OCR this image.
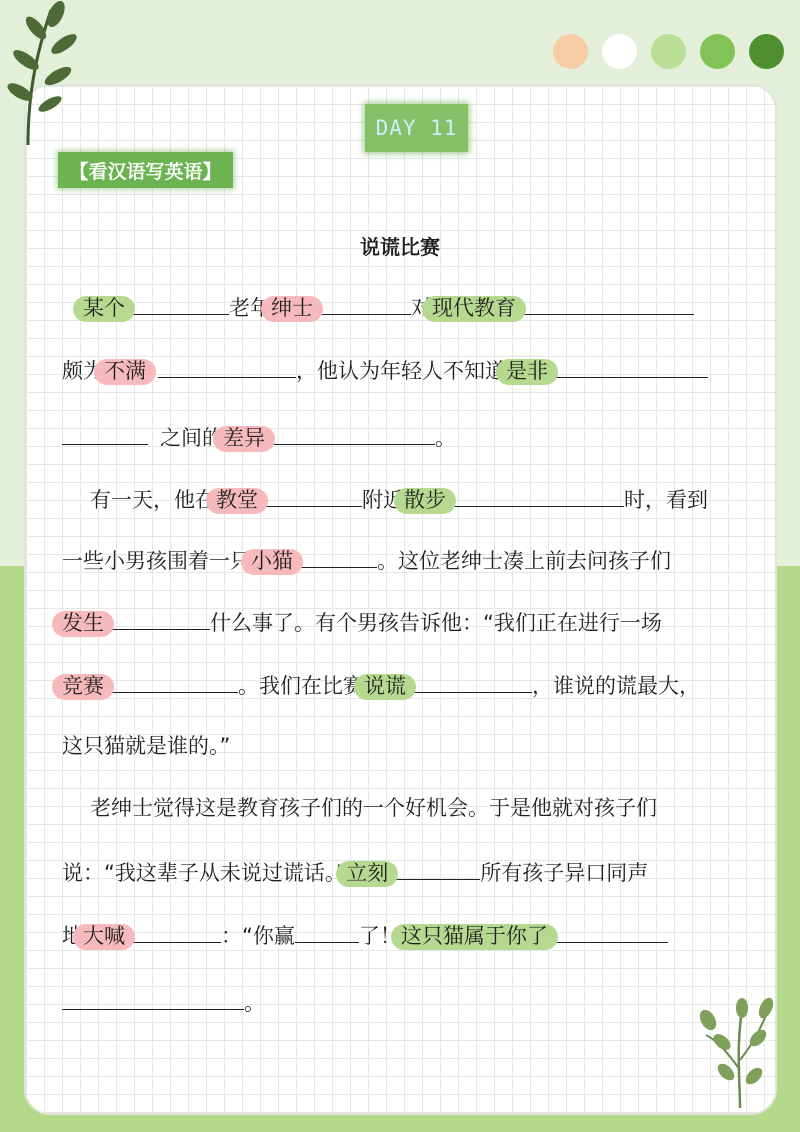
DAY 11
【看汉语写英语】
说谎比赛
某个	老年绅士	对现代教育
颇为不满	，他认为年轻人不知道是非
之间的差异	。
有一天，他在教堂	附近散步	时，看到
一些小男孩围着一只小猫	。这位老绅士凑上前去问孩子们
发生	什么事了。有个男孩告诉他：“我们正在进行一场
竞赛	。我们在比赛说谎	，谁说的谎最大，
这只猫就是谁的。”
老绅士觉得这是教育孩子们的一个好机会。于是他就对孩子们
说：“我这辈子从未说过谎话。”立刻	所有孩子异口同声
地大喊	：“你赢	了！这只猫属于你了
。
